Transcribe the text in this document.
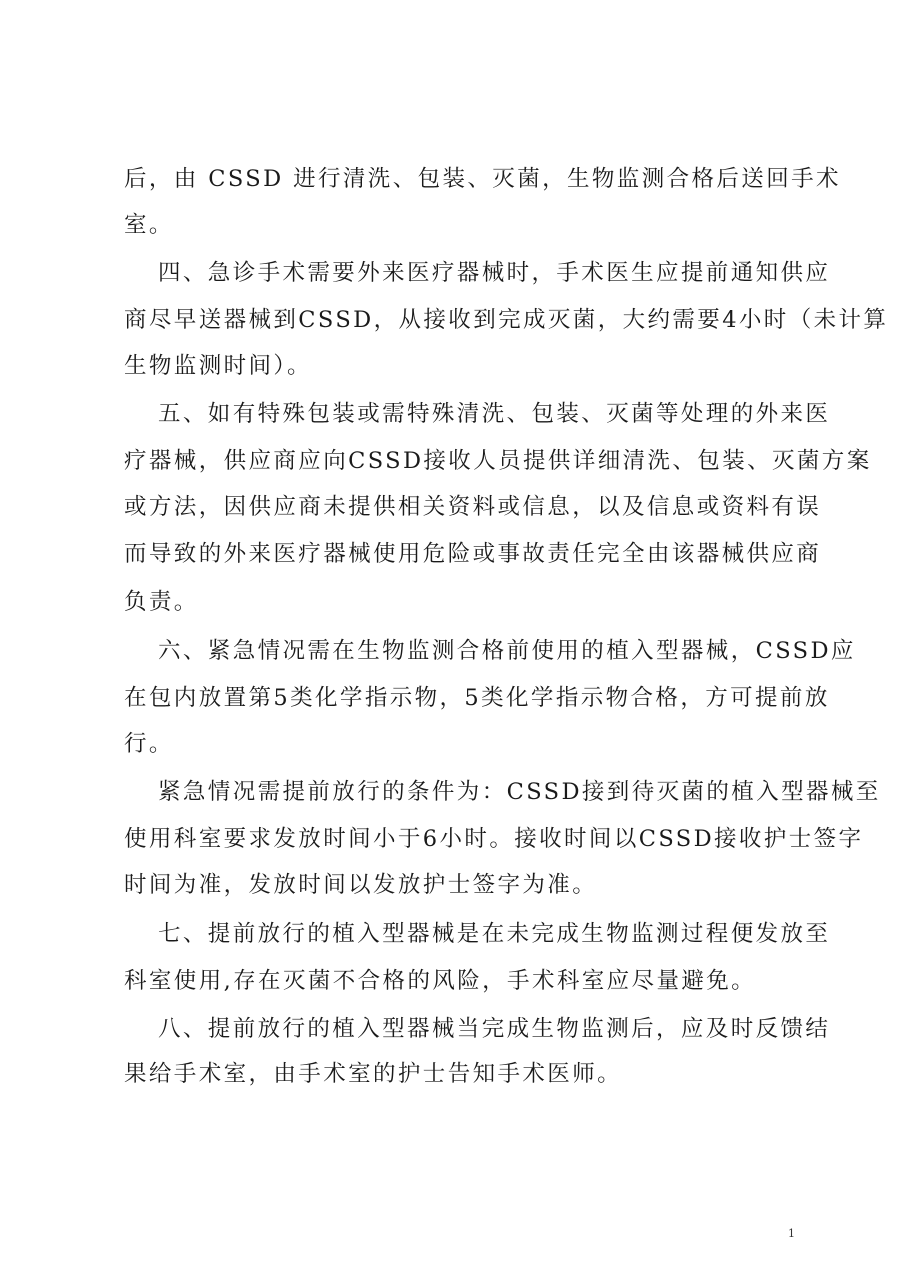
后，由 CSSD 进行清洗、包装、灭菌，生物监测合格后送回手术
室。
四、急诊手术需要外来医疗器械时，手术医生应提前通知供应
商尽早送器械到CSSD，从接收到完成灭菌，大约需要4小时（未计算
生物监测时间）。
五、如有特殊包装或需特殊清洗、包装、灭菌等处理的外来医
疗器械，供应商应向CSSD接收人员提供详细清洗、包装、灭菌方案
或方法，因供应商未提供相关资料或信息，以及信息或资料有误
而导致的外来医疗器械使用危险或事故责任完全由该器械供应商
负责。
六、紧急情况需在生物监测合格前使用的植入型器械，CSSD应
在包内放置第5类化学指示物，5类化学指示物合格，方可提前放
行。
紧急情况需提前放行的条件为：CSSD接到待灭菌的植入型器械至
使用科室要求发放时间小于6小时。接收时间以CSSD接收护士签字
时间为准，发放时间以发放护士签字为准。
七、提前放行的植入型器械是在未完成生物监测过程便发放至
科室使用,存在灭菌不合格的风险，手术科室应尽量避免。
八、提前放行的植入型器械当完成生物监测后，应及时反馈结
果给手术室，由手术室的护士告知手术医师。
1
